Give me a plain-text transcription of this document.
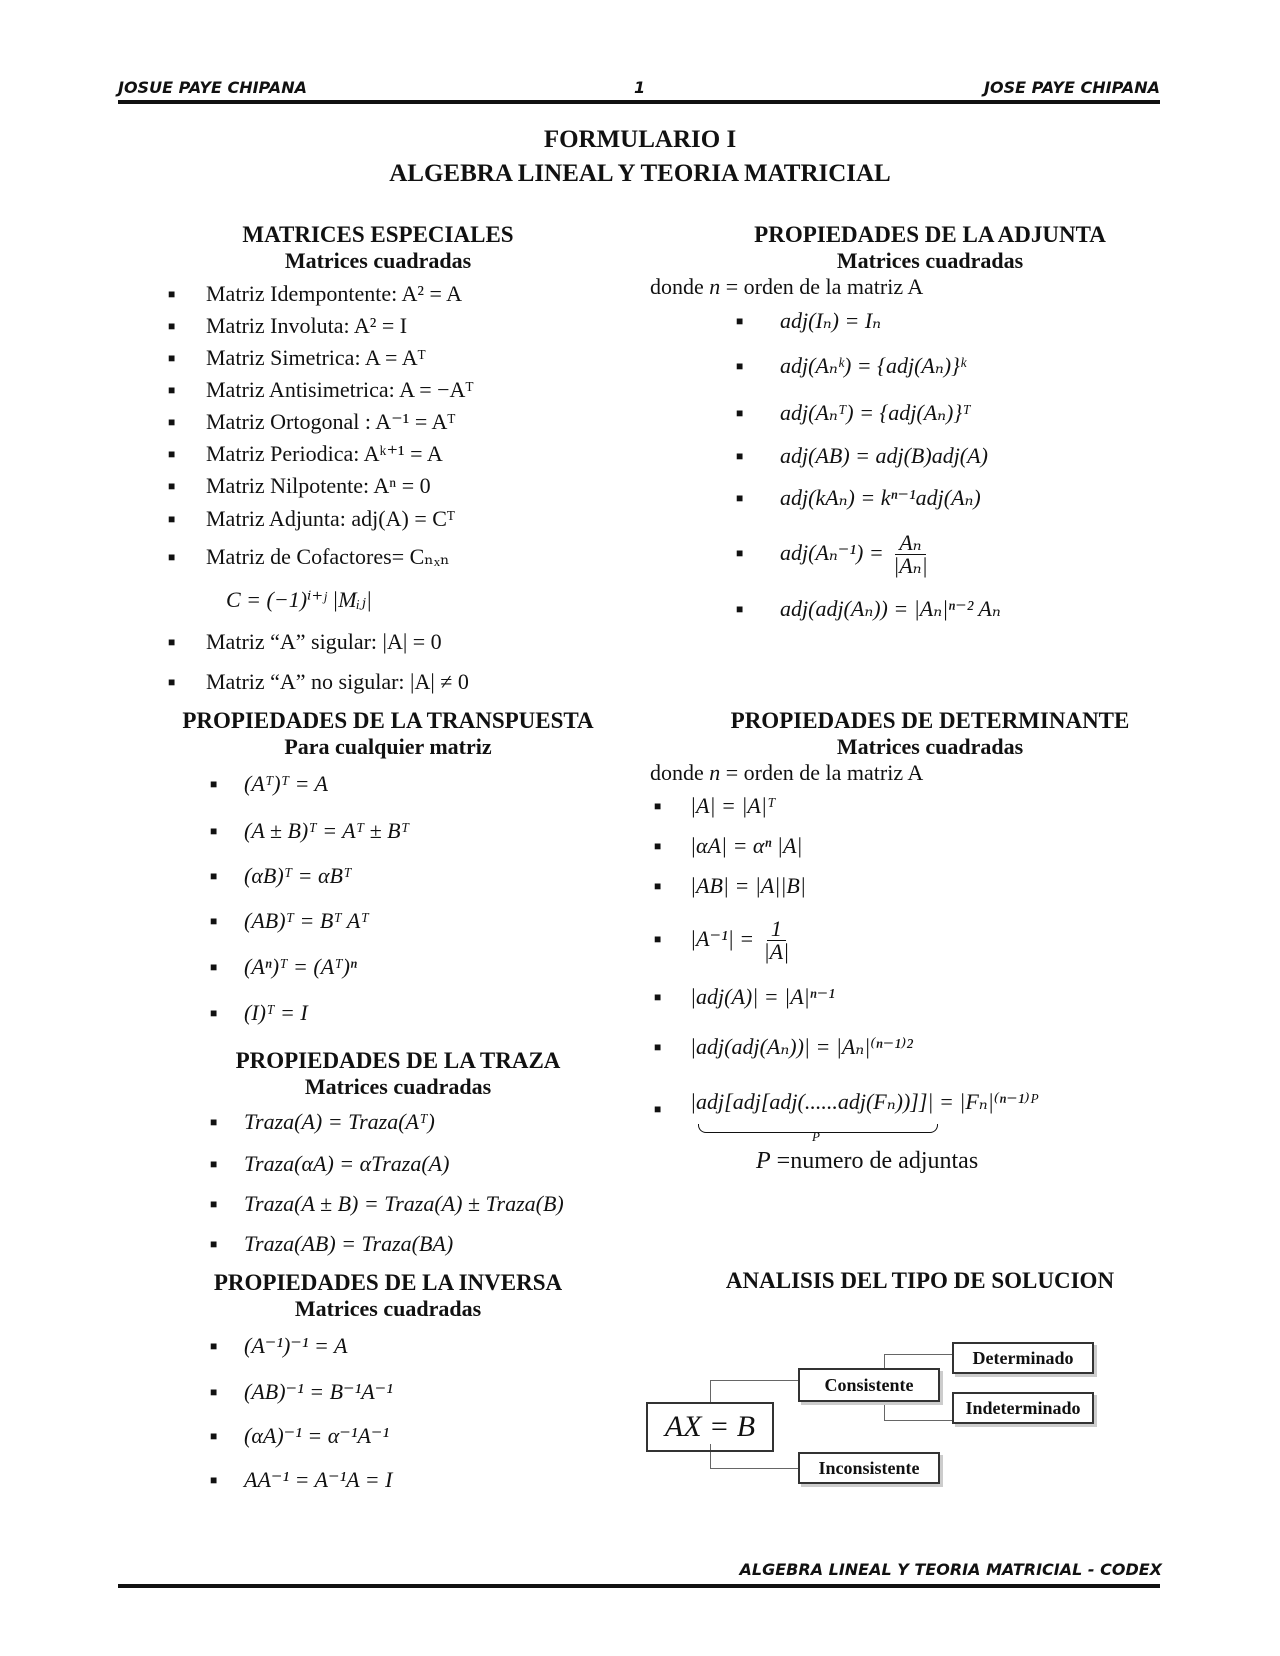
JOSUE PAYE CHIPANA	1	JOSE PAYE CHIPANA
FORMULARIO I
ALGEBRA LINEAL Y TEORIA MATRICIAL
MATRICES ESPECIALES
Matrices cuadradas
■ Matriz Idempontente: A² = A
■ Matriz Involuta: A² = I
■ Matriz Simetrica: A = Aᵀ
■ Matriz Antisimetrica: A = −Aᵀ
■ Matriz Ortogonal : A⁻¹ = Aᵀ
■ Matriz Periodica: Aᵏ⁺¹ = A
■ Matriz Nilpotente: Aⁿ = 0
■ Matriz Adjunta: adj(A) = Cᵀ
■ Matriz de Cofactores= Cₙₓₙ
C = (−1)ⁱ⁺ʲ |Mᵢⱼ|
■ Matriz “A” sigular: |A| = 0
■ Matriz “A” no sigular: |A| ≠ 0
PROPIEDADES DE LA TRANSPUESTA
Para cualquier matriz
■ (Aᵀ)ᵀ = A
■ (A ± B)ᵀ = Aᵀ ± Bᵀ
■ (αB)ᵀ = αBᵀ
■ (AB)ᵀ = Bᵀ Aᵀ
■ (Aⁿ)ᵀ = (Aᵀ)ⁿ
■ (I)ᵀ = I
PROPIEDADES DE LA TRAZA
Matrices cuadradas
■ Traza(A) = Traza(Aᵀ)
■ Traza(αA) = αTraza(A)
■ Traza(A ± B) = Traza(A) ± Traza(B)
■ Traza(AB) = Traza(BA)
PROPIEDADES DE LA INVERSA
Matrices cuadradas
■ (A⁻¹)⁻¹ = A
■ (AB)⁻¹ = B⁻¹A⁻¹
■ (αA)⁻¹ = α⁻¹A⁻¹
■ AA⁻¹ = A⁻¹A = I
PROPIEDADES DE LA ADJUNTA
Matrices cuadradas
donde n = orden de la matriz A
■ adj(Iₙ) = Iₙ
■ adj(Aₙᵏ) = {adj(Aₙ)}ᵏ
■ adj(Aₙᵀ) = {adj(Aₙ)}ᵀ
■ adj(AB) = adj(B)adj(A)
■ adj(kAₙ) = kⁿ⁻¹adj(Aₙ)
■ $adj(A_n^{-1}) = \frac{\text{Aₙ}}{\text{|Aₙ|}}$
■ adj(adj(Aₙ)) = |Aₙ|ⁿ⁻² Aₙ
PROPIEDADES DE DETERMINANTE
Matrices cuadradas
donde n = orden de la matriz A
■ |A| = |A|ᵀ
■ |αA| = αⁿ |A|
■ |AB| = |A||B|
■ $|A^{-1}| = \frac{1}{|A|}$
■ |adj(A)| = |A|ⁿ⁻¹
■ |adj(adj(Aₙ))| = |Aₙ|⁽ⁿ⁻¹⁾²
■ |adj[adj[adj(......adj(Fₙ))]]| = |Fₙ|⁽ⁿ⁻¹⁾ᴾ
P
P =numero de adjuntas
ANALISIS DEL TIPO DE SOLUCION
AX = B
Consistente
Inconsistente
Determinado
Indeterminado
ALGEBRA LINEAL Y TEORIA MATRICIAL - CODEX
